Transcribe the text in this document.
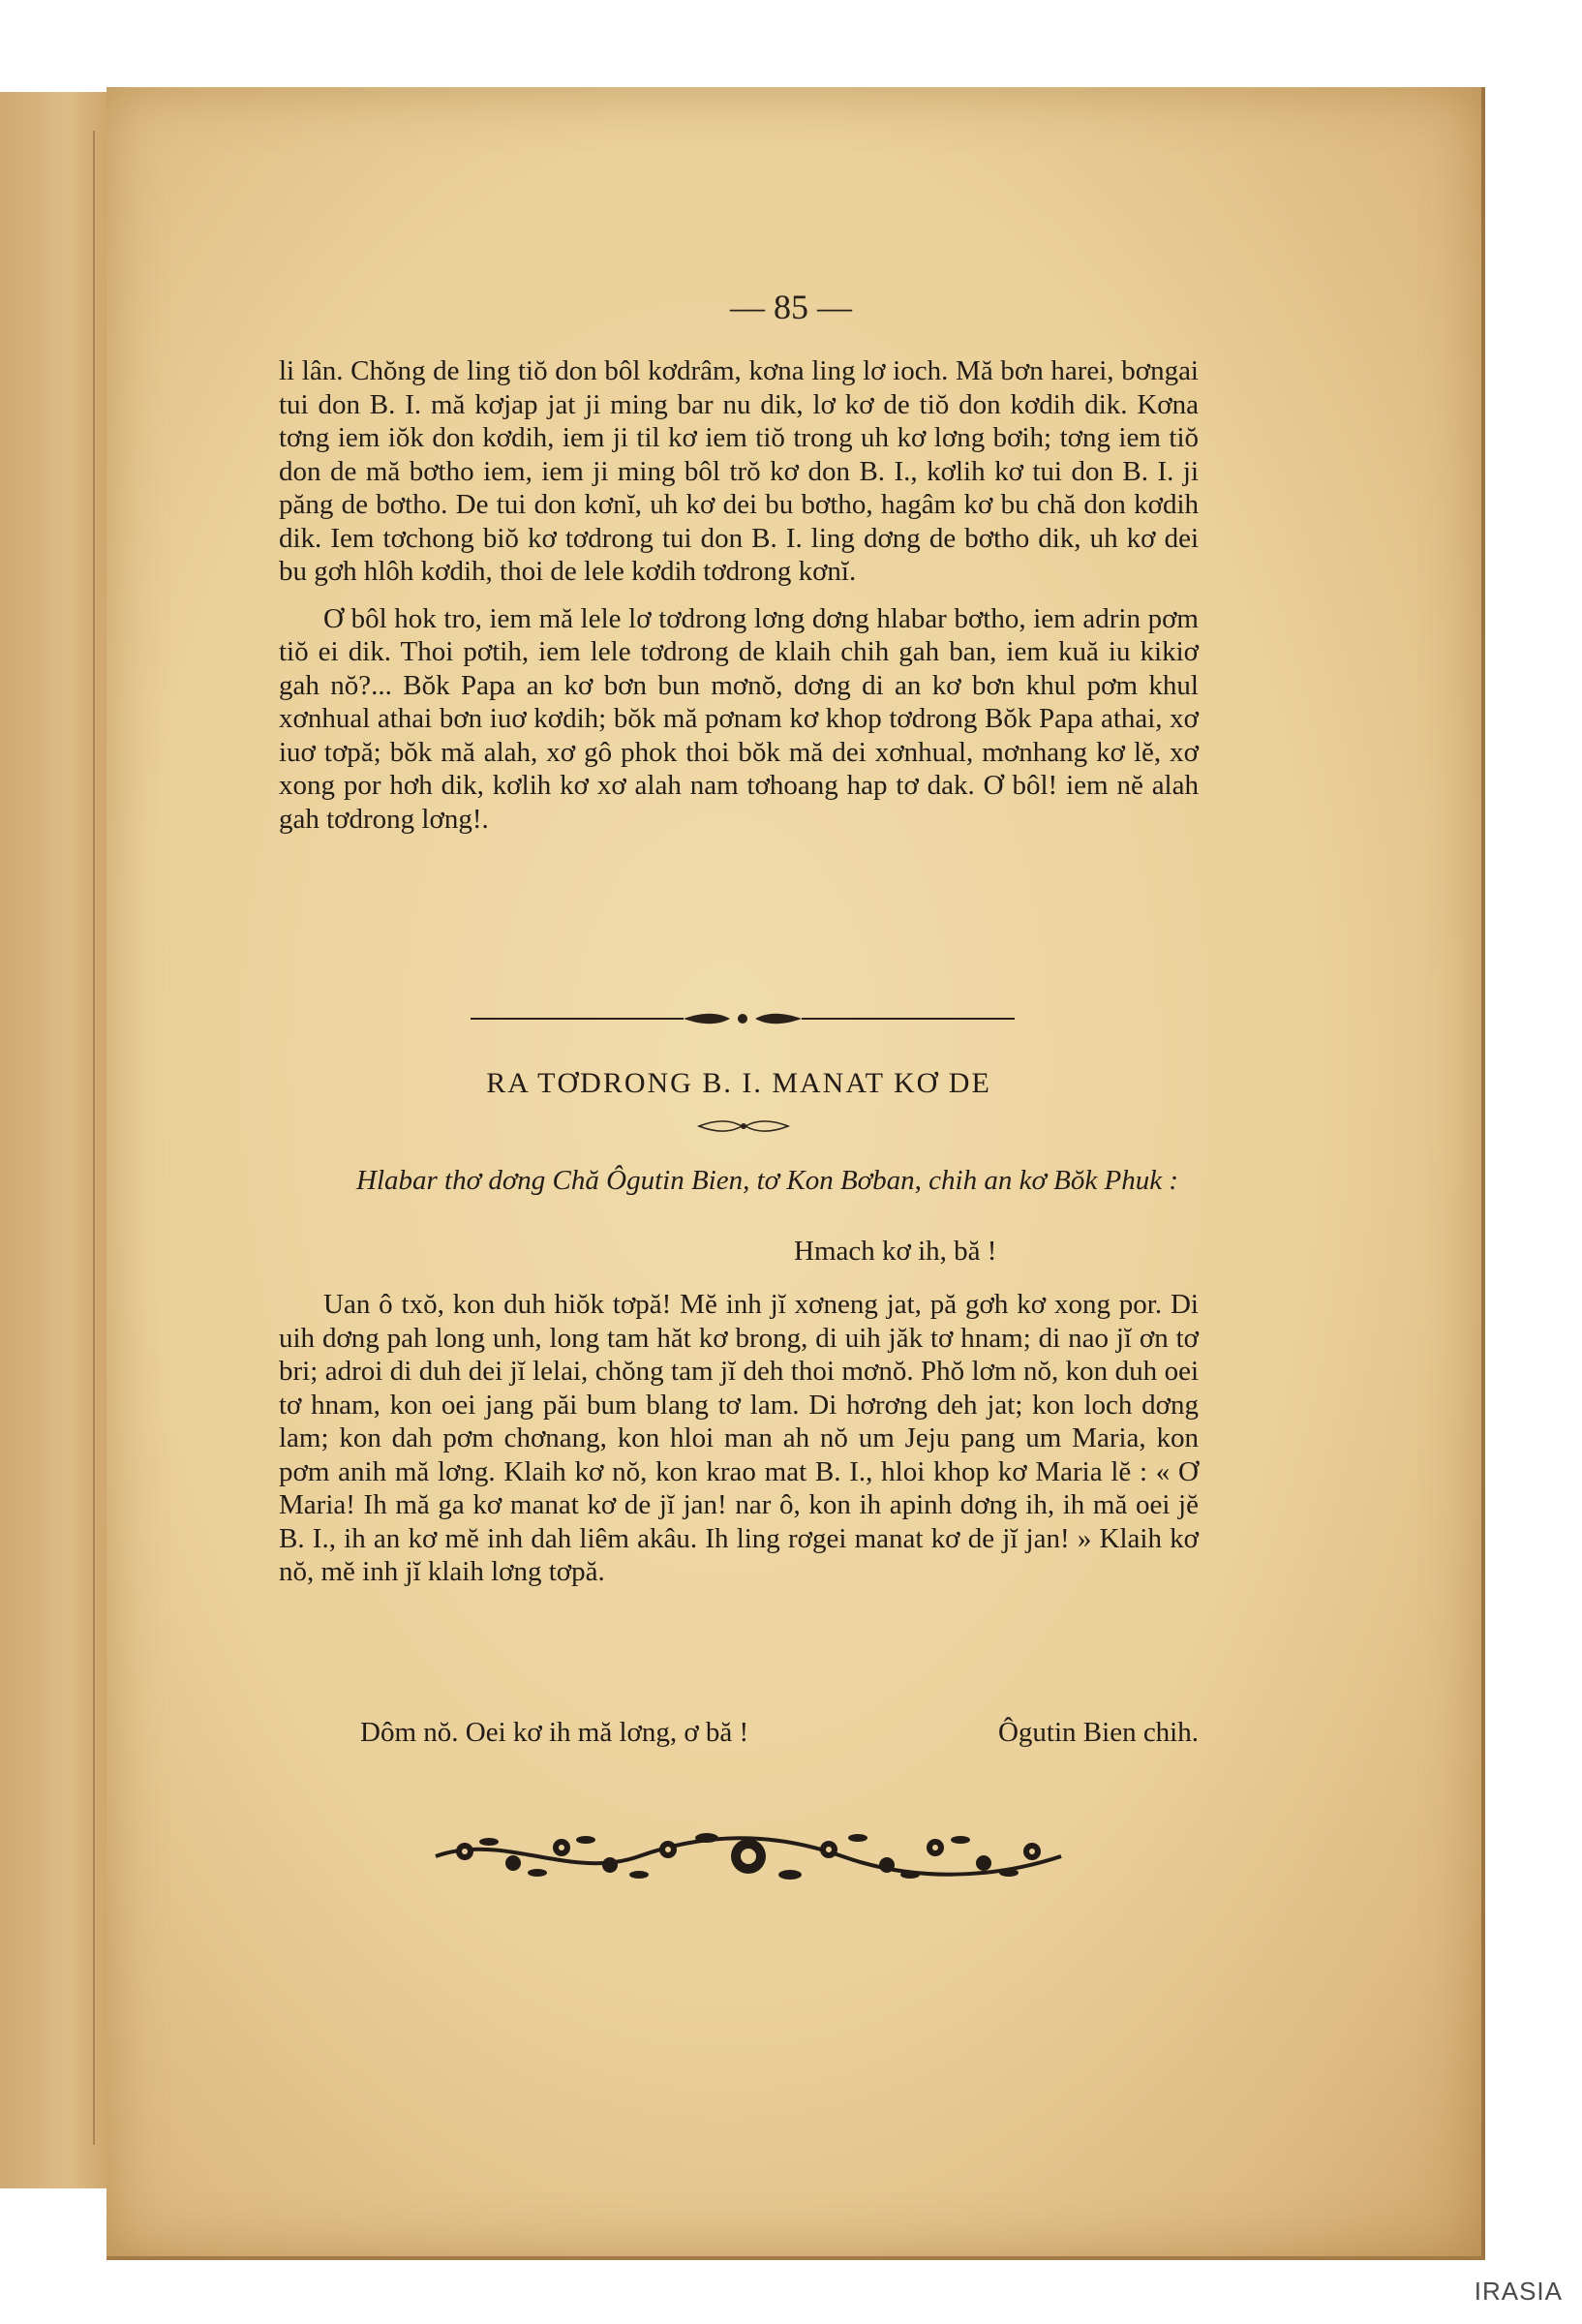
— 85 —

li lân. Chŏng de ling tiŏ don bôl kơdrâm, kơna ling lơ ioch. Mă bơn harei, bơngai tui don B. I. mă kơjap jat ji ming bar nu dik, lơ kơ de tiŏ don kơdih dik. Kơna tơng iem iŏk don kơdih, iem ji til kơ iem tiŏ trong uh kơ lơng bơih; tơng iem tiŏ don de mă bơtho iem, iem ji ming bôl trŏ kơ don B. I., kơlih kơ tui don B. I. ji păng de bơtho. De tui don kơnĭ, uh kơ dei bu bơtho, hagâm kơ bu chă don kơdih dik. Iem tơchong biŏ kơ tơdrong tui don B. I. ling dơng de bơtho dik, uh kơ dei bu gơh hlôh kơdih, thoi de lele kơdih tơdrong kơnĭ.

Ơ bôl hok tro, iem mă lele lơ tơdrong lơng dơng hlabar bơtho, iem adrin pơm tiŏ ei dik. Thoi pơtih, iem lele tơdrong de klaih chih gah ban, iem kuă iu kikiơ gah nŏ?... Bŏk Papa an kơ bơn bun mơnŏ, dơng di an kơ bơn khul pơm khul xơnhual athai bơn iuơ kơdih; bŏk mă pơnam kơ khop tơdrong Bŏk Papa athai, xơ iuơ tơpă; bŏk mă alah, xơ gô phok thoi bŏk mă dei xơnhual, mơnhang kơ lĕ, xơ xong por hơh dik, kơlih kơ xơ alah nam tơhoang hap tơ dak. Ơ bôl! iem nĕ alah gah tơdrong lơng!.

RA TƠDRONG B. I. MANAT KƠ DE
Hlabar thơ dơng Chă Ôgutin Bien, tơ Kon Bơban, chih an kơ Bŏk Phuk :
Hmach kơ ih, bă !

Uan ô txŏ, kon duh hiŏk tơpă! Mĕ inh jĭ xơneng jat, pă gơh kơ xong por. Di uih dơng pah long unh, long tam hăt kơ brong, di uih jăk tơ hnam; di nao jĭ ơn tơ bri; adroi di duh dei jĭ lelai, chŏng tam jĭ deh thoi mơnŏ. Phŏ lơm nŏ, kon duh oei tơ hnam, kon oei jang păi bum blang tơ lam. Di hơrơng deh jat; kon loch dơng lam; kon dah pơm chơnang, kon hloi man ah nŏ um Jeju pang um Maria, kon pơm anih mă lơng. Klaih kơ nŏ, kon krao mat B. I., hloi khop kơ Maria lĕ : « Ơ Maria! Ih mă ga kơ manat kơ de jĭ jan! nar ô, kon ih apinh dơng ih, ih mă oei jĕ B. I., ih an kơ mĕ inh dah liêm akâu. Ih ling rơgei manat kơ de jĭ jan! » Klaih kơ nŏ, mĕ inh jĭ klaih lơng tơpă.

Dôm nŏ. Oei kơ ih mă lơng, ơ bă !	Ôgutin Bien chih.
IRASIA
